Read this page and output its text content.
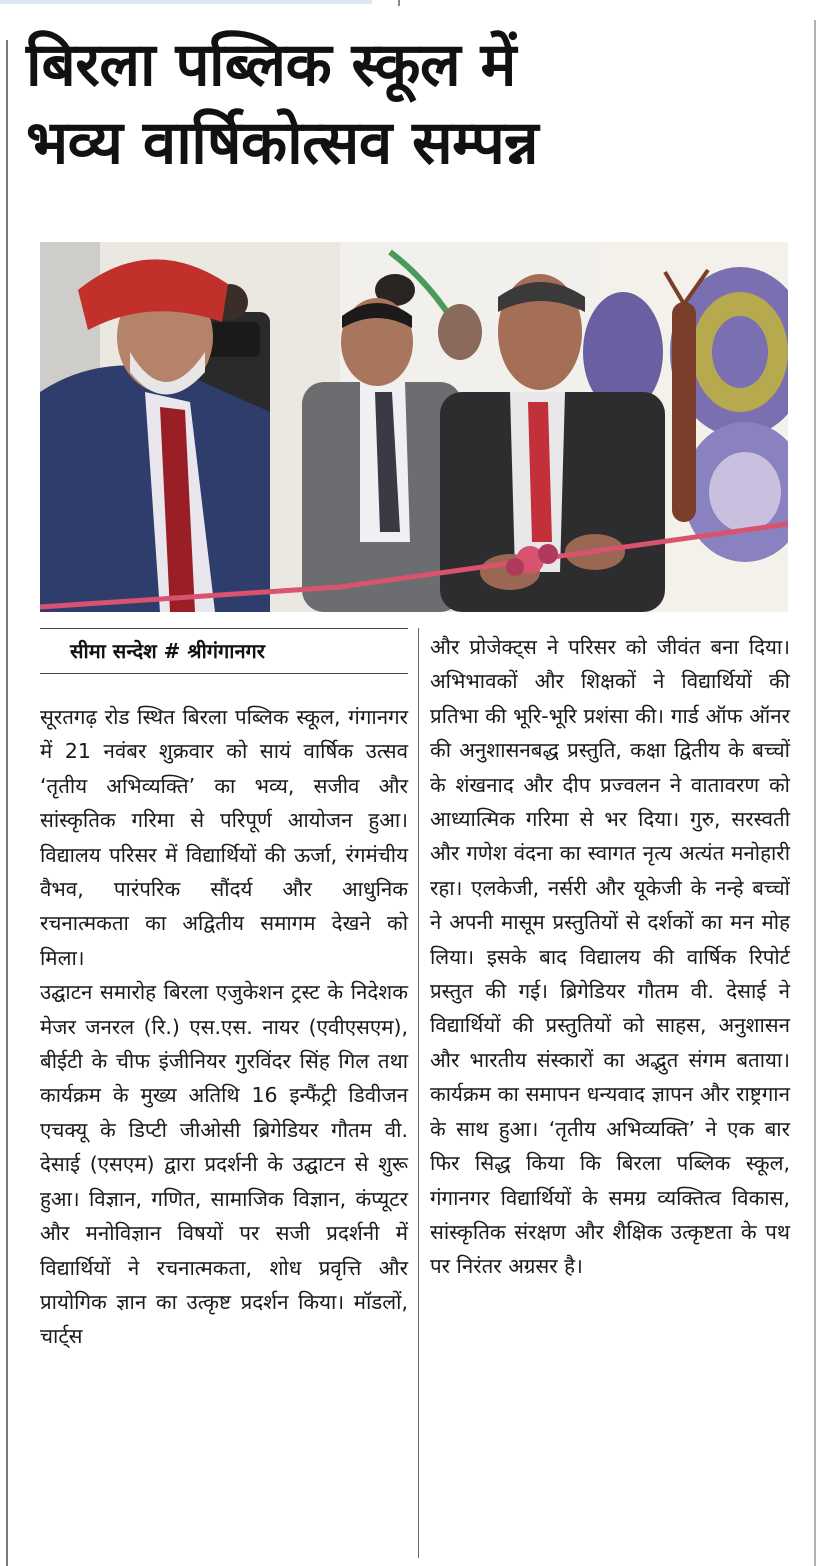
बिरला पब्लिक स्कूल में
भव्य वार्षिकोत्सव सम्पन्न
सीमा सन्देश # श्रीगंगानगर

सूरतगढ़ रोड स्थित बिरला पब्लिक स्कूल, गंगानगर में 21 नवंबर शुक्रवार को सायं वार्षिक उत्सव ‘तृतीय अभिव्यक्ति’ का भव्य, सजीव और सांस्कृतिक गरिमा से परिपूर्ण आयोजन हुआ। विद्यालय परिसर में विद्यार्थियों की ऊर्जा, रंगमंचीय वैभव, पारंपरिक सौंदर्य और आधुनिक रचनात्मकता का अद्वितीय समागम देखने को मिला।

उद्घाटन समारोह बिरला एजुकेशन ट्रस्ट के निदेशक मेजर जनरल (रि.) एस.एस. नायर (एवीएसएम), बीईटी के चीफ इंजीनियर गुरविंदर सिंह गिल तथा कार्यक्रम के मुख्य अतिथि 16 इन्फैंट्री डिवीजन एचक्यू के डिप्टी जीओसी ब्रिगेडियर गौतम वी. देसाई (एसएम) द्वारा प्रदर्शनी के उद्घाटन से शुरू हुआ। विज्ञान, गणित, सामाजिक विज्ञान, कंप्यूटर और मनोविज्ञान विषयों पर सजी प्रदर्शनी में विद्यार्थियों ने रचनात्मकता, शोध प्रवृत्ति और प्रायोगिक ज्ञान का उत्कृष्ट प्रदर्शन किया। मॉडलों, चार्ट्स

और प्रोजेक्ट्स ने परिसर को जीवंत बना दिया। अभिभावकों और शिक्षकों ने विद्यार्थियों की प्रतिभा की भूरि-भूरि प्रशंसा की। गार्ड ऑफ ऑनर की अनुशासनबद्ध प्रस्तुति, कक्षा द्वितीय के बच्चों के शंखनाद और दीप प्रज्वलन ने वातावरण को आध्यात्मिक गरिमा से भर दिया। गुरु, सरस्वती और गणेश वंदना का स्वागत नृत्य अत्यंत मनोहारी रहा। एलकेजी, नर्सरी और यूकेजी के नन्हे बच्चों ने अपनी मासूम प्रस्तुतियों से दर्शकों का मन मोह लिया। इसके बाद विद्यालय की वार्षिक रिपोर्ट प्रस्तुत की गई। ब्रिगेडियर गौतम वी. देसाई ने विद्यार्थियों की प्रस्तुतियों को साहस, अनुशासन और भारतीय संस्कारों का अद्भुत संगम बताया। कार्यक्रम का समापन धन्यवाद ज्ञापन और राष्ट्रगान के साथ हुआ। ‘तृतीय अभिव्यक्ति’ ने एक बार फिर सिद्ध किया कि बिरला पब्लिक स्कूल, गंगानगर विद्यार्थियों के समग्र व्यक्तित्व विकास, सांस्कृतिक संरक्षण और शैक्षिक उत्कृष्टता के पथ पर निरंतर अग्रसर है।
